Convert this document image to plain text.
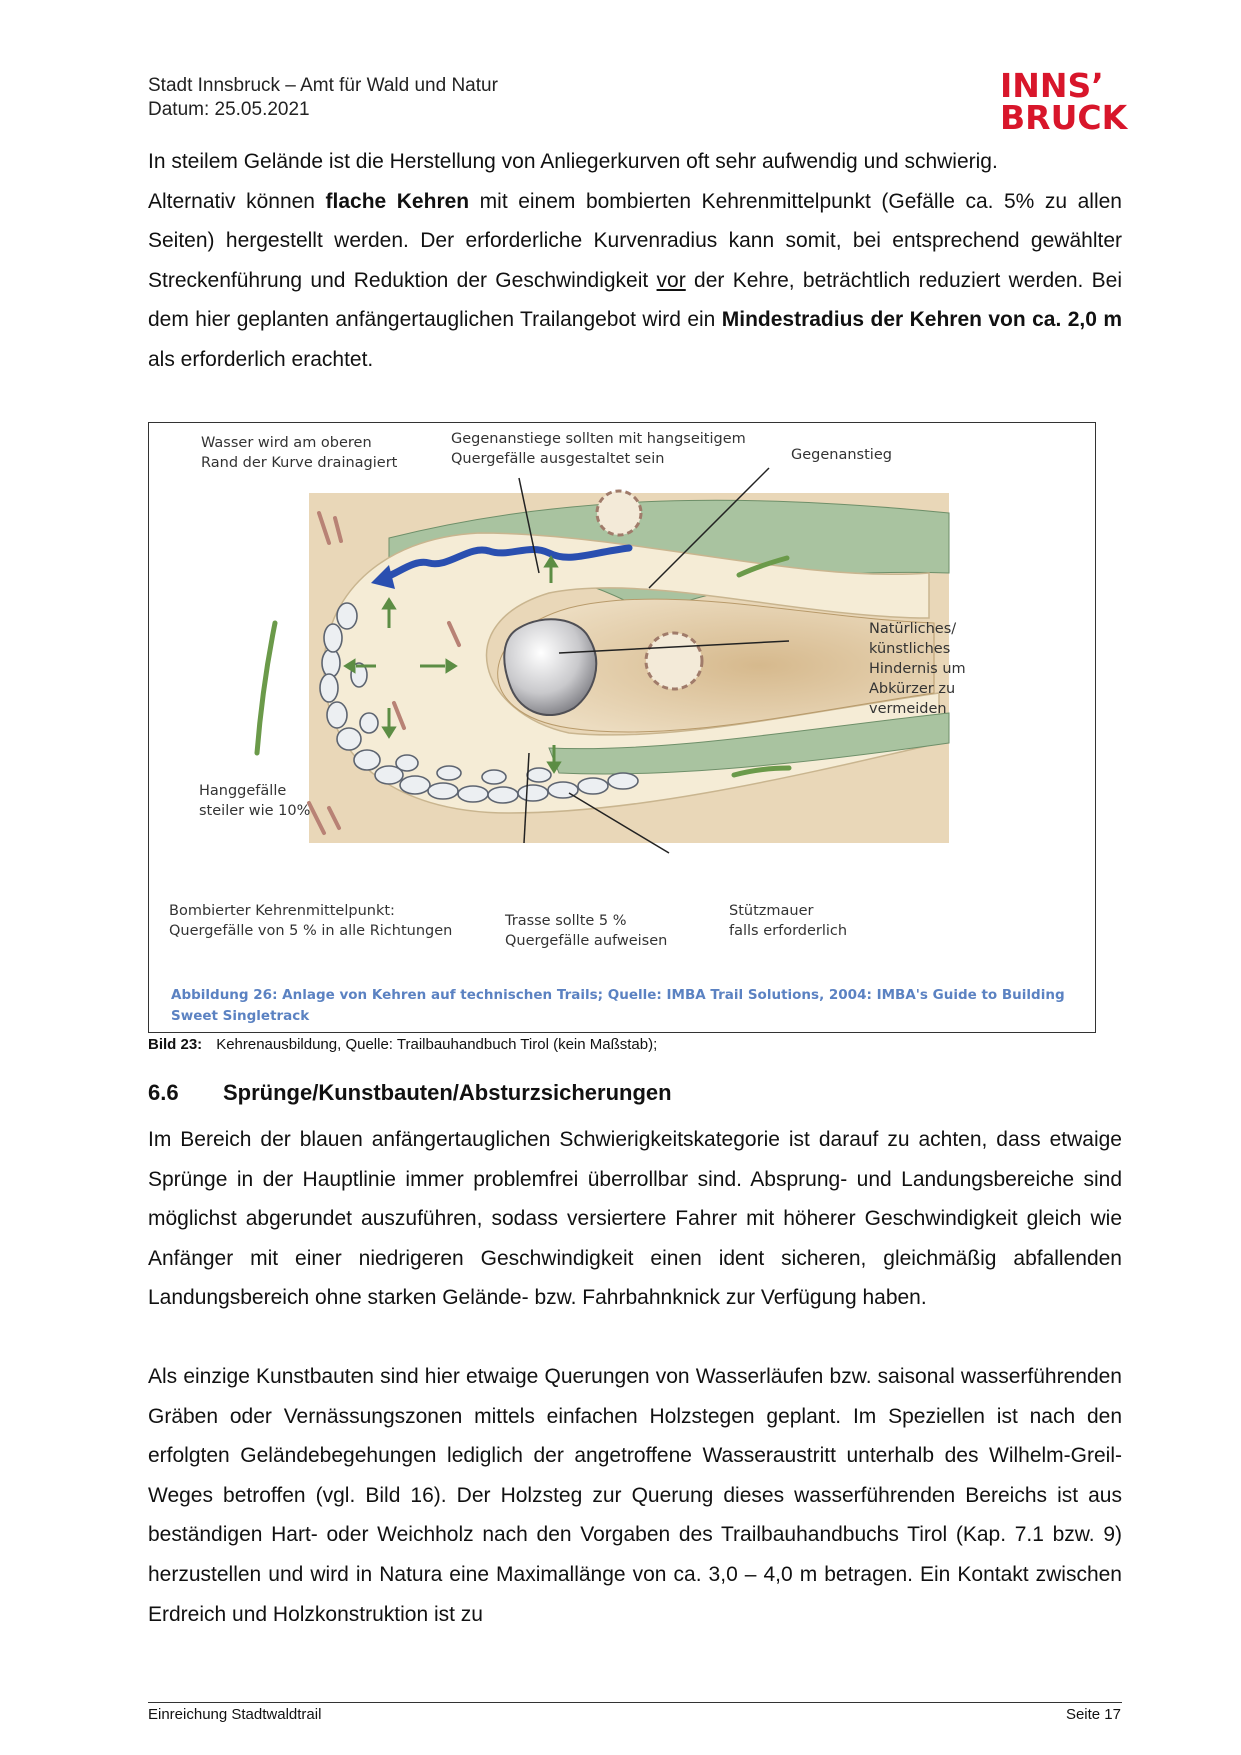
Stadt Innsbruck – Amt für Wald und Natur
Datum: 25.05.2021
INNS’
BRUCK
In steilem Gelände ist die Herstellung von Anliegerkurven oft sehr aufwendig und schwierig.
Alternativ können flache Kehren mit einem bombierten Kehrenmittelpunkt (Gefälle ca. 5% zu allen Seiten) hergestellt werden. Der erforderliche Kurvenradius kann somit, bei entsprechend gewählter Streckenführung und Reduktion der Geschwindigkeit vor der Kehre, beträchtlich reduziert werden. Bei dem hier geplanten anfängertauglichen Trailangebot wird ein Mindestradius der Kehren von ca. 2,0 m als erforderlich erachtet.
Wasser wird am oberen
Rand der Kurve drainagiert
Gegenanstiege sollten mit hangseitigem
Quergefälle ausgestaltet sein	Gegenanstieg
Natürliches/
künstliches
Hindernis um
Abkürzer zu
vermeiden
Hanggefälle
steiler wie 10%
Bombierter Kehrenmittelpunkt:
Quergefälle von 5 % in alle Richtungen
Trasse sollte 5 %
Quergefälle aufweisen
Stützmauer
falls erforderlich
Abbildung 26: Anlage von Kehren auf technischen Trails; Quelle: IMBA Trail Solutions, 2004: IMBA's Guide to Building Sweet Singletrack
Bild 23: Kehrenausbildung, Quelle: Trailbauhandbuch Tirol (kein Maßstab);
6.6 Sprünge/Kunstbauten/Absturzsicherungen
Im Bereich der blauen anfängertauglichen Schwierigkeitskategorie ist darauf zu achten, dass etwaige Sprünge in der Hauptlinie immer problemfrei überrollbar sind. Absprung- und Landungsbereiche sind möglichst abgerundet auszuführen, sodass versiertere Fahrer mit höherer Geschwindigkeit gleich wie Anfänger mit einer niedrigeren Geschwindigkeit einen ident sicheren, gleichmäßig abfallenden Landungsbereich ohne starken Gelände- bzw. Fahrbahnknick zur Verfügung haben.
Als einzige Kunstbauten sind hier etwaige Querungen von Wasserläufen bzw. saisonal wasserführenden Gräben oder Vernässungszonen mittels einfachen Holzstegen geplant. Im Speziellen ist nach den erfolgten Geländebegehungen lediglich der angetroffene Wasseraustritt unterhalb des Wilhelm-Greil-Weges betroffen (vgl. Bild 16). Der Holzsteg zur Querung dieses wasserführenden Bereichs ist aus beständigen Hart- oder Weichholz nach den Vorgaben des Trailbauhandbuchs Tirol (Kap. 7.1 bzw. 9) herzustellen und wird in Natura eine Maximallänge von ca. 3,0 – 4,0 m betragen. Ein Kontakt zwischen Erdreich und Holzkonstruktion ist zu
Einreichung Stadtwaldtrail	Seite 17
